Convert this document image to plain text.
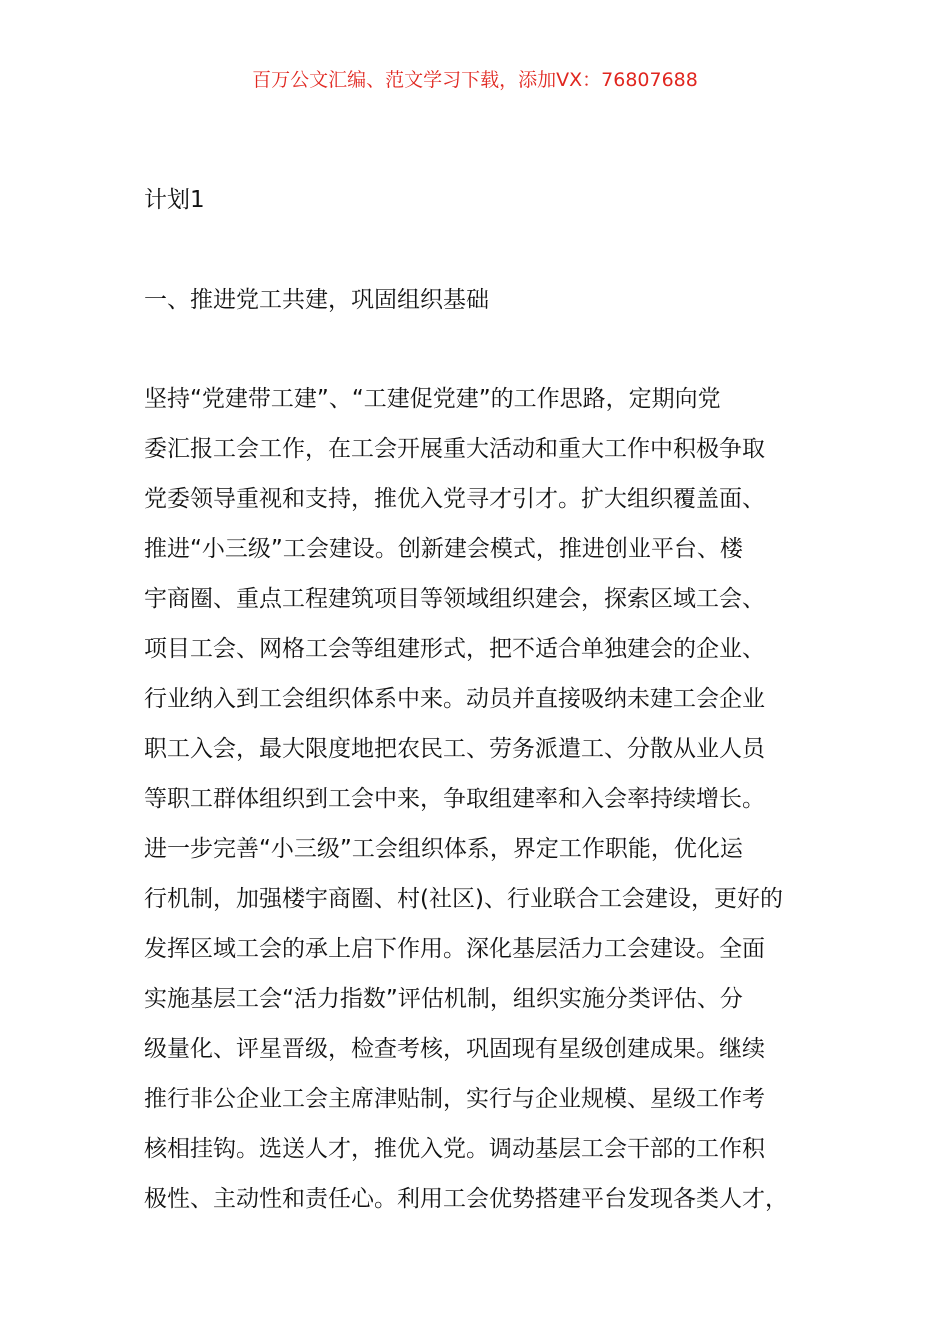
百万公文汇编、范文学习下载，添加VX：76807688
计划1
一、推进党工共建，巩固组织基础
坚持“党建带工建”、“工建促党建”的工作思路，定期向党
委汇报工会工作，在工会开展重大活动和重大工作中积极争取
党委领导重视和支持，推优入党寻才引才。扩大组织覆盖面、
推进“小三级”工会建设。创新建会模式，推进创业平台、楼
宇商圈、重点工程建筑项目等领域组织建会，探索区域工会、
项目工会、网格工会等组建形式，把不适合单独建会的企业、
行业纳入到工会组织体系中来。动员并直接吸纳未建工会企业
职工入会，最大限度地把农民工、劳务派遣工、分散从业人员
等职工群体组织到工会中来，争取组建率和入会率持续增长。
进一步完善“小三级”工会组织体系，界定工作职能，优化运
行机制，加强楼宇商圈、村(社区)、行业联合工会建设，更好的
发挥区域工会的承上启下作用。深化基层活力工会建设。全面
实施基层工会“活力指数”评估机制，组织实施分类评估、分
级量化、评星晋级，检查考核，巩固现有星级创建成果。继续
推行非公企业工会主席津贴制，实行与企业规模、星级工作考
核相挂钩。选送人才，推优入党。调动基层工会干部的工作积
极性、主动性和责任心。利用工会优势搭建平台发现各类人才，
